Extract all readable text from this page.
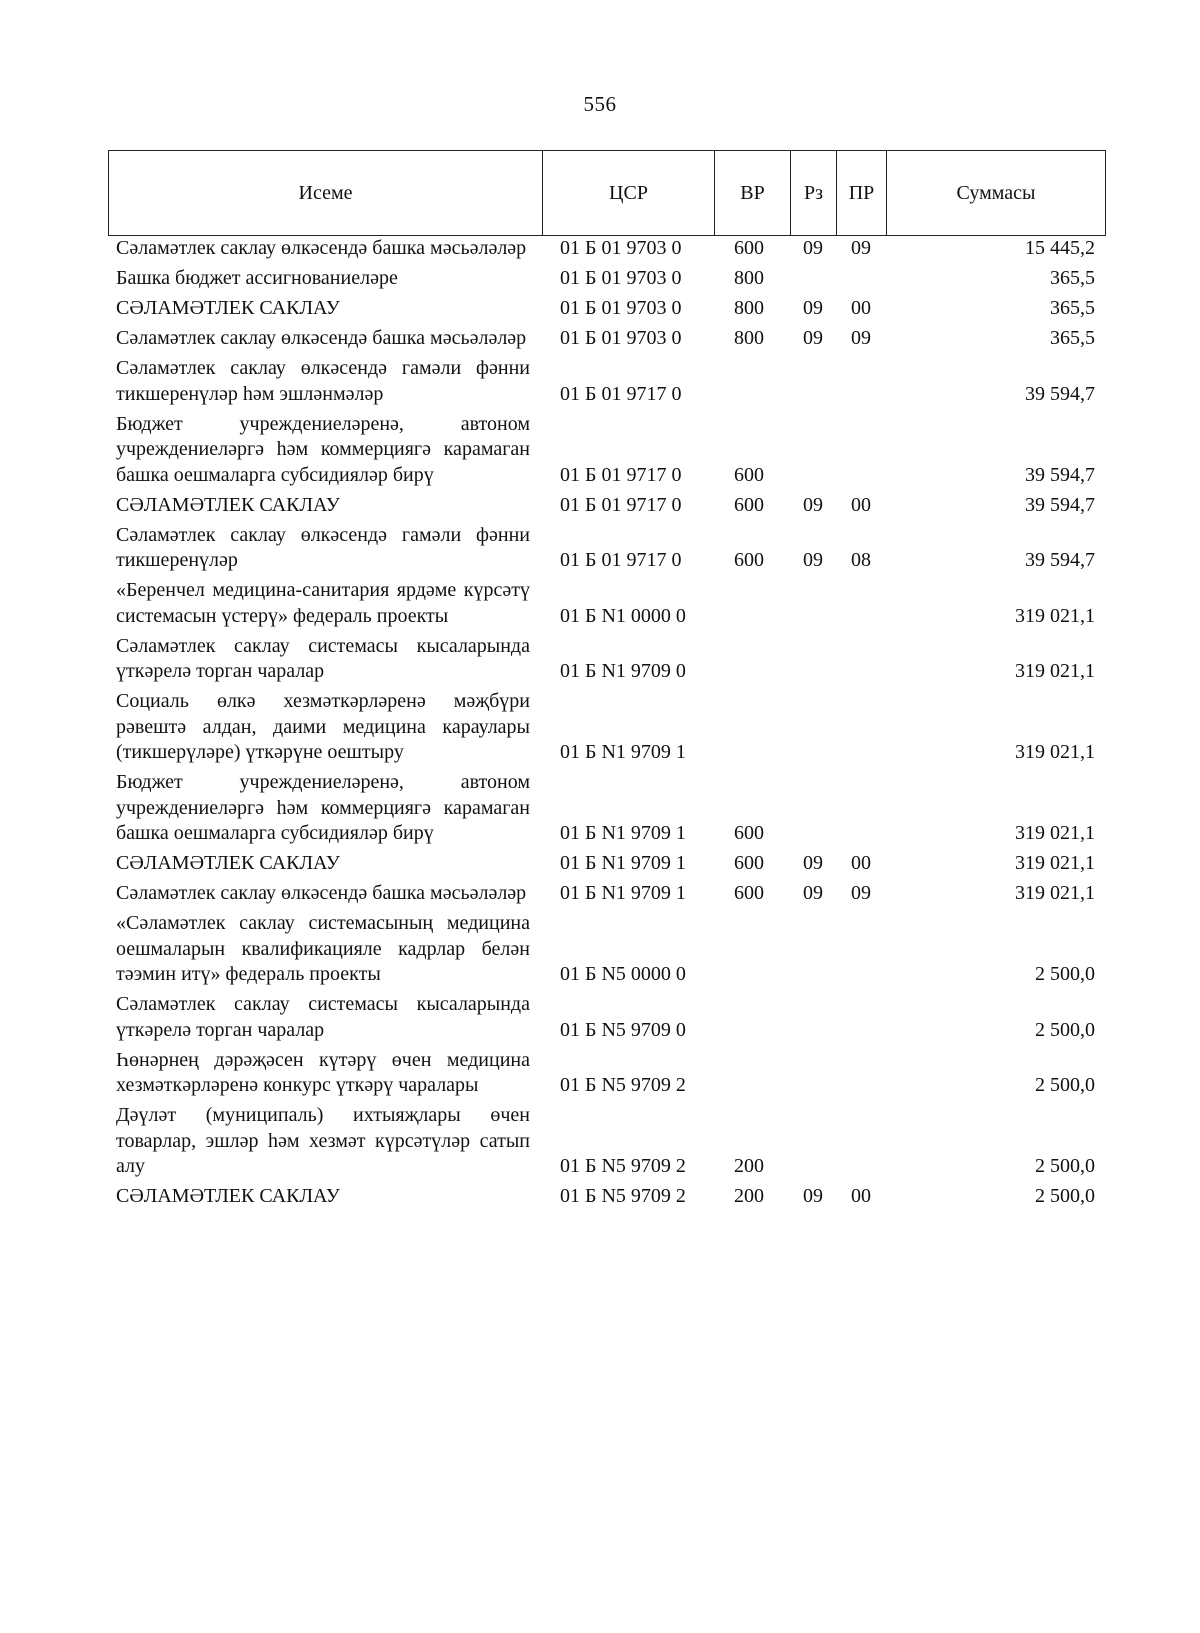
556
Исеме	ЦСР	ВР	Рз	ПР	Суммасы
Сәламәтлек саклау өлкәсендә башка мәсьәләләр	01 Б 01 9703 0	600	09	09	15 445,2
Башка бюджет ассигнованиеләре	01 Б 01 9703 0	800			365,5
СӘЛАМӘТЛЕК САКЛАУ	01 Б 01 9703 0	800	09	00	365,5
Сәламәтлек саклау өлкәсендә башка мәсьәләләр	01 Б 01 9703 0	800	09	09	365,5
Сәламәтлек саклау өлкәсендә гамәли фәнни тикшеренүләр һәм эшләнмәләр	01 Б 01 9717 0				39 594,7
Бюджет учреждениеләренә, автоном учреждениеләргә һәм коммерциягә карамаган башка оешмаларга субсидияләр бирү	01 Б 01 9717 0	600			39 594,7
СӘЛАМӘТЛЕК САКЛАУ	01 Б 01 9717 0	600	09	00	39 594,7
Сәламәтлек саклау өлкәсендә гамәли фәнни тикшеренүләр	01 Б 01 9717 0	600	09	08	39 594,7
«Беренчел медицина-санитария ярдәме күрсәтү системасын үстерү» федераль проекты	01 Б N1 0000 0				319 021,1
Сәламәтлек саклау системасы кысаларында үткәрелә торган чаралар	01 Б N1 9709 0				319 021,1
Социаль өлкә хезмәткәрләренә мәҗбүри рәвештә алдан, даими медицина караулары (тикшерүләре) үткәрүне оештыру	01 Б N1 9709 1				319 021,1
Бюджет учреждениеләренә, автоном учреждениеләргә һәм коммерциягә карамаган башка оешмаларга субсидияләр бирү	01 Б N1 9709 1	600			319 021,1
СӘЛАМӘТЛЕК САКЛАУ	01 Б N1 9709 1	600	09	00	319 021,1
Сәламәтлек саклау өлкәсендә башка мәсьәләләр	01 Б N1 9709 1	600	09	09	319 021,1
«Сәламәтлек саклау системасының медицина оешмаларын квалификацияле кадрлар белән тәэмин итү» федераль проекты	01 Б N5 0000 0				2 500,0
Сәламәтлек саклау системасы кысаларында үткәрелә торган чаралар	01 Б N5 9709 0				2 500,0
Һөнәрнең дәрәҗәсен күтәрү өчен медицина хезмәткәрләренә конкурс үткәрү чаралары	01 Б N5 9709 2				2 500,0
Дәүләт (муниципаль) ихтыяҗлары өчен товарлар, эшләр һәм хезмәт күрсәтүләр сатып алу	01 Б N5 9709 2	200			2 500,0
СӘЛАМӘТЛЕК САКЛАУ	01 Б N5 9709 2	200	09	00	2 500,0
